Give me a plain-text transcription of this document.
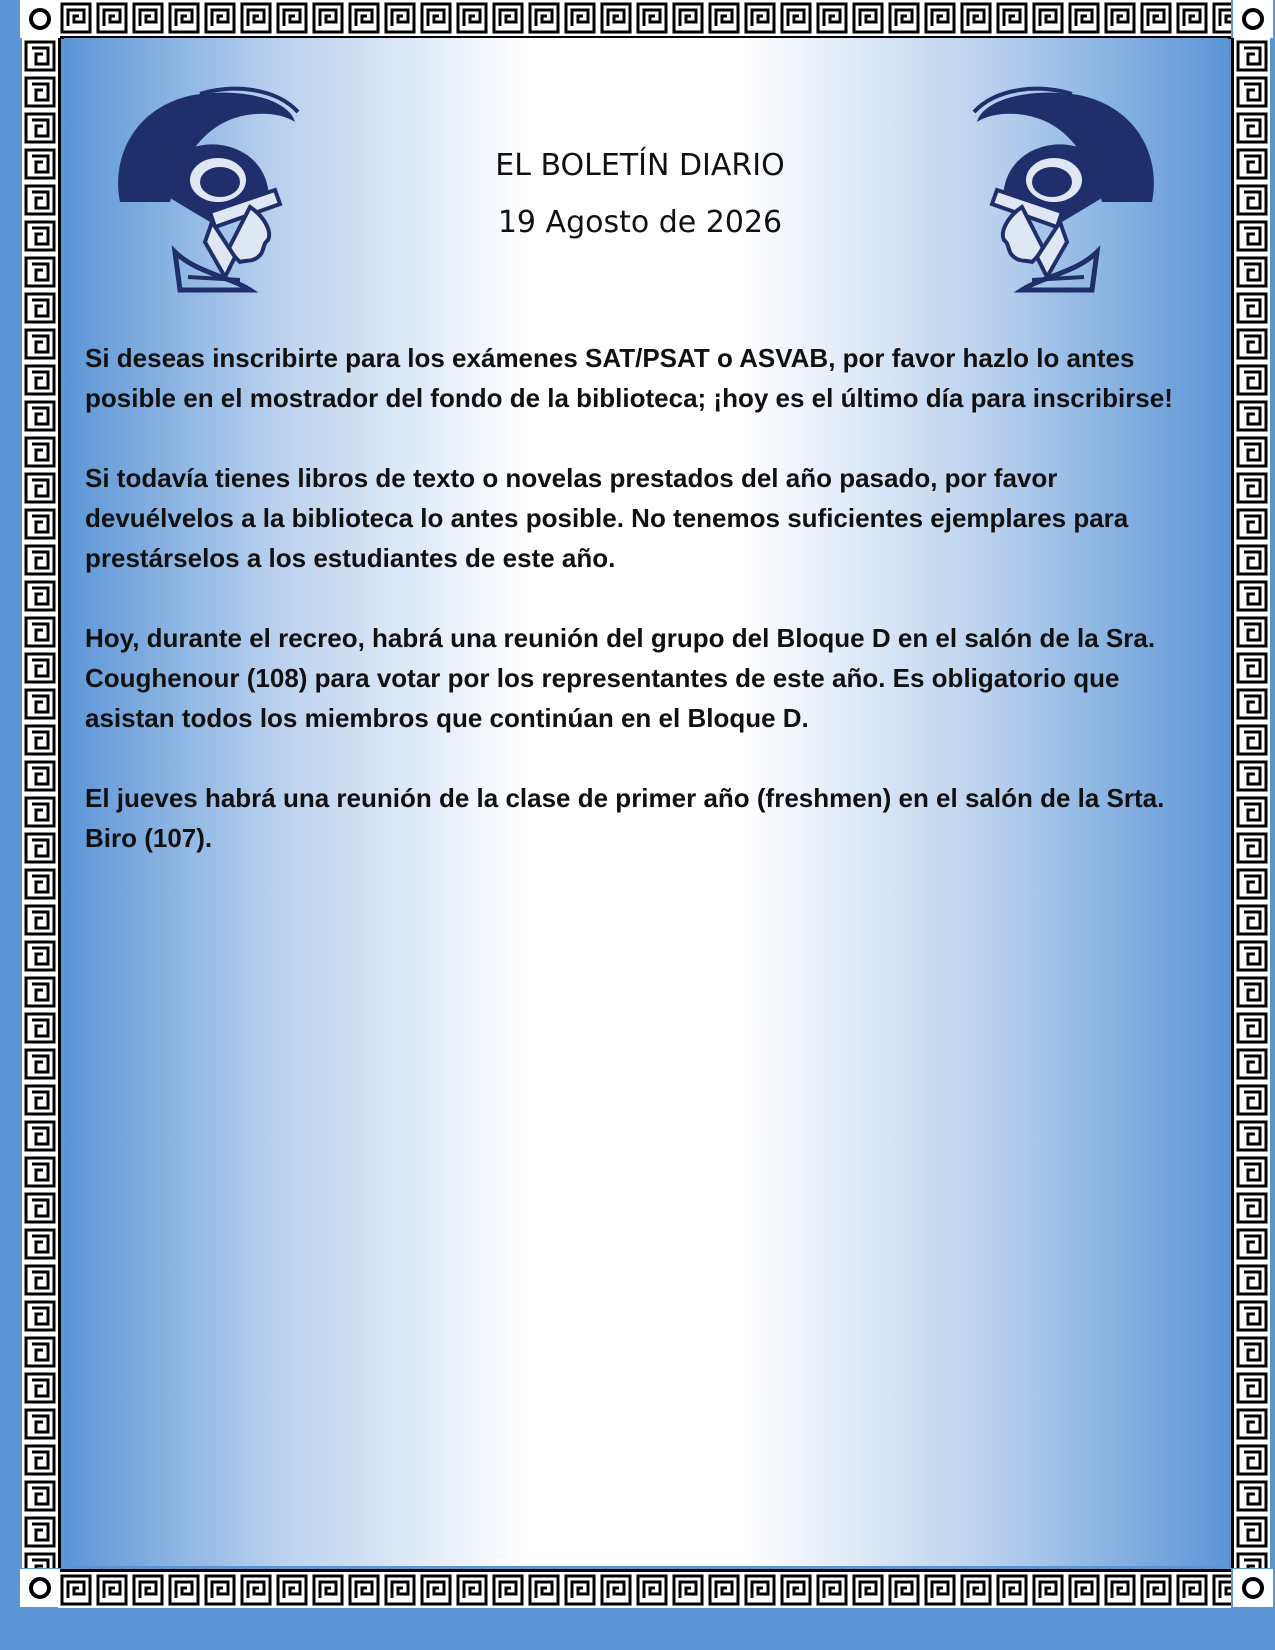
EL BOLETÍN DIARIO
19 Agosto de 2026

Si deseas inscribirte para los exámenes SAT/PSAT o ASVAB, por favor hazlo lo antes posible en el mostrador del fondo de la biblioteca; ¡hoy es el último día para inscribirse!

Si todavía tienes libros de texto o novelas prestados del año pasado, por favor devuélvelos a la biblioteca lo antes posible. No tenemos suficientes ejemplares para prestárselos a los estudiantes de este año.

Hoy, durante el recreo, habrá una reunión del grupo del Bloque D en el salón de la Sra. Coughenour (108) para votar por los representantes de este año. Es obligatorio que asistan todos los miembros que continúan en el Bloque D.

El jueves habrá una reunión de la clase de primer año (freshmen) en el salón de la Srta. Biro (107).
